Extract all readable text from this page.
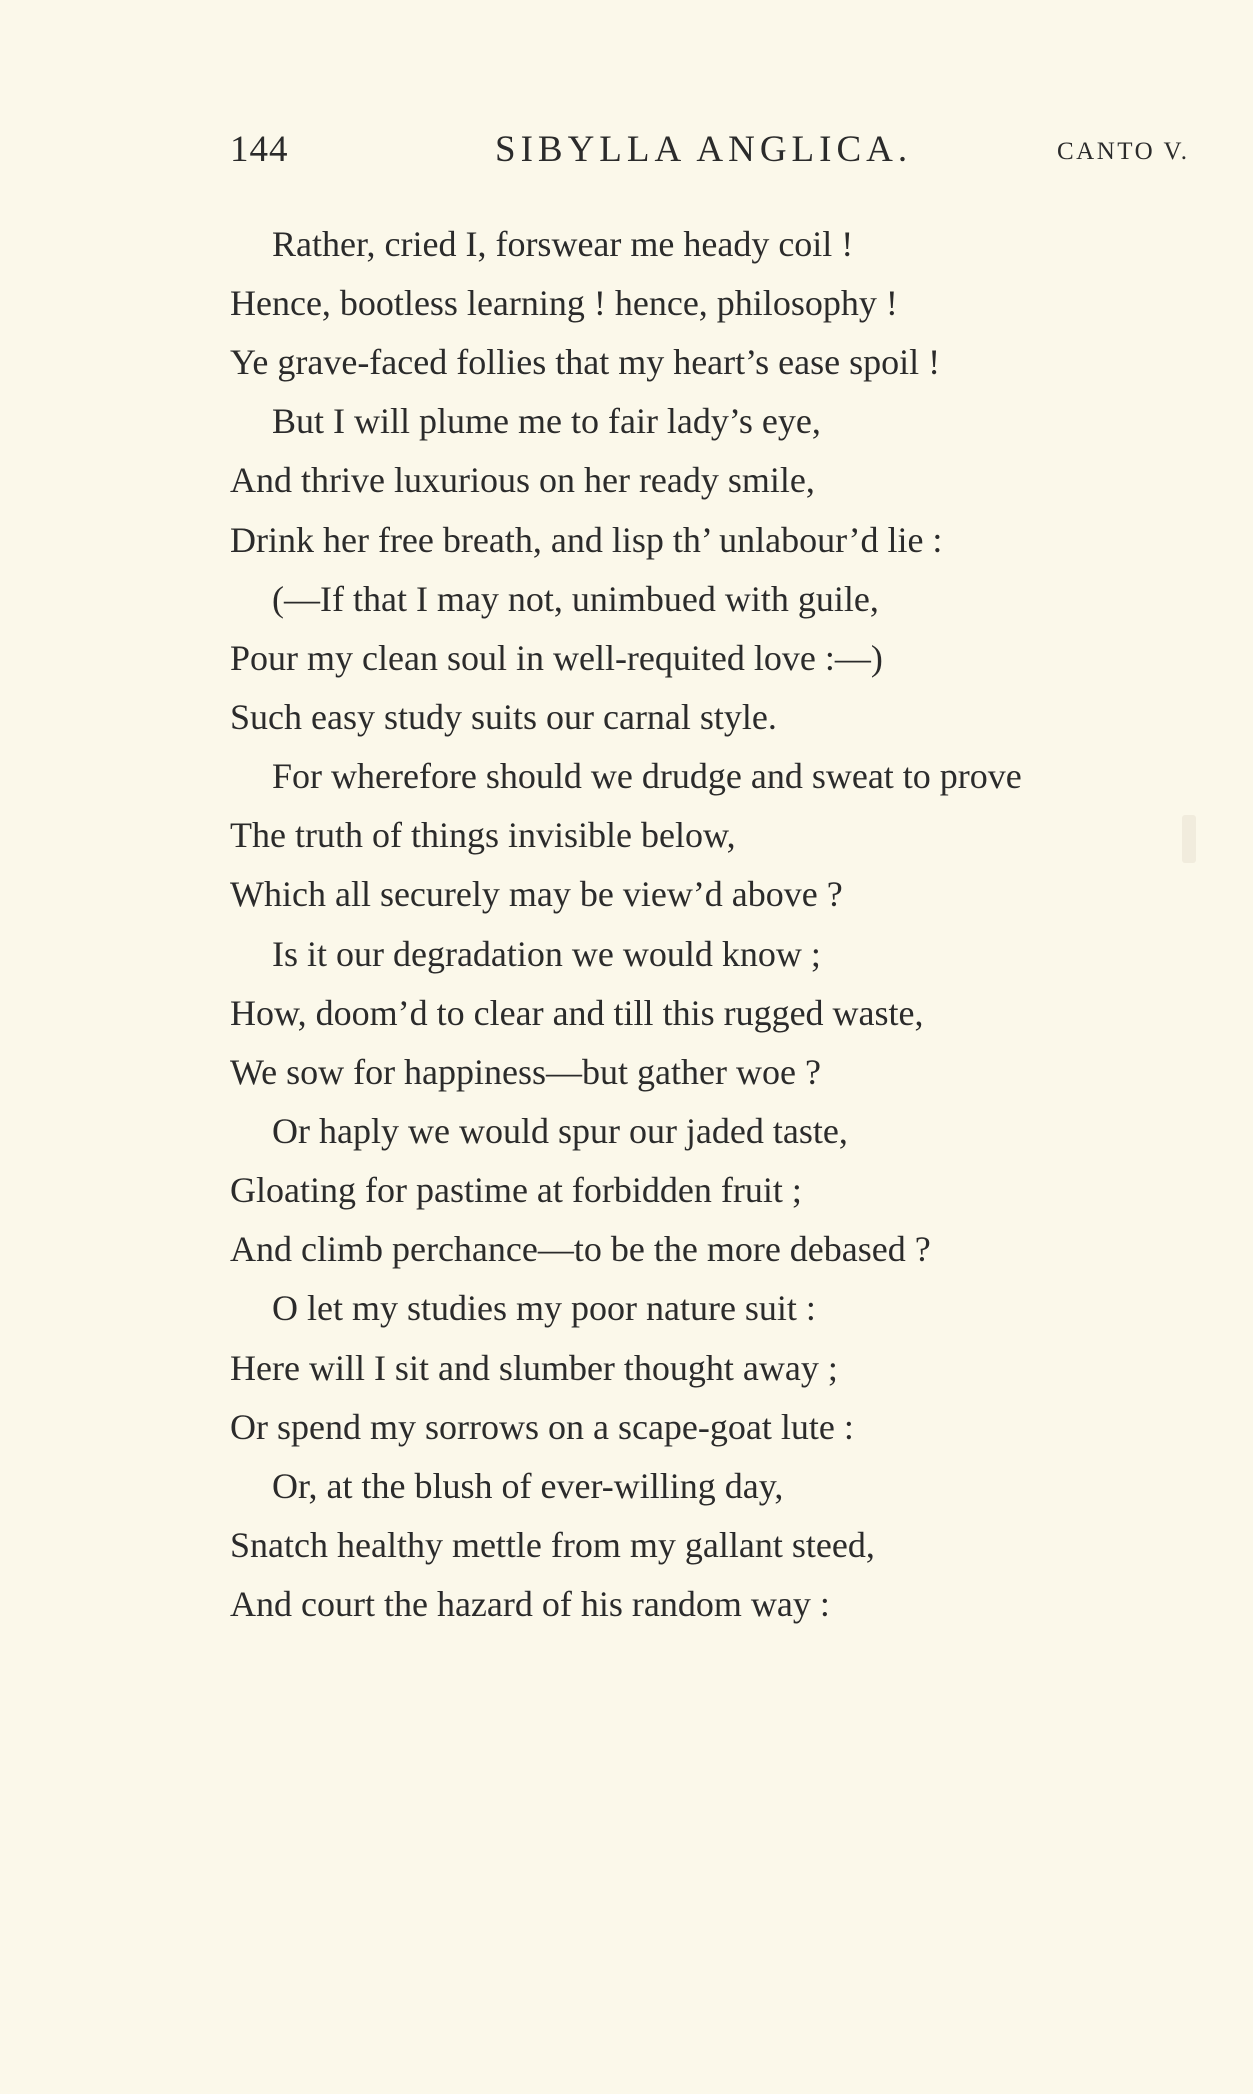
144	SIBYLLA ANGLICA.	CANTO V.
Rather, cried I, forswear me heady coil !
Hence, bootless learning ! hence, philosophy !
Ye grave-faced follies that my heart’s ease spoil !
But I will plume me to fair lady’s eye,
And thrive luxurious on her ready smile,
Drink her free breath, and lisp th’ unlabour’d lie :
(—If that I may not, unimbued with guile,
Pour my clean soul in well-requited love :—)
Such easy study suits our carnal style.
For wherefore should we drudge and sweat to prove
The truth of things invisible below,
Which all securely may be view’d above ?
Is it our degradation we would know ;
How, doom’d to clear and till this rugged waste,
We sow for happiness—but gather woe ?
Or haply we would spur our jaded taste,
Gloating for pastime at forbidden fruit ;
And climb perchance—to be the more debased ?
O let my studies my poor nature suit :
Here will I sit and slumber thought away ;
Or spend my sorrows on a scape-goat lute :
Or, at the blush of ever-willing day,
Snatch healthy mettle from my gallant steed,
And court the hazard of his random way :
